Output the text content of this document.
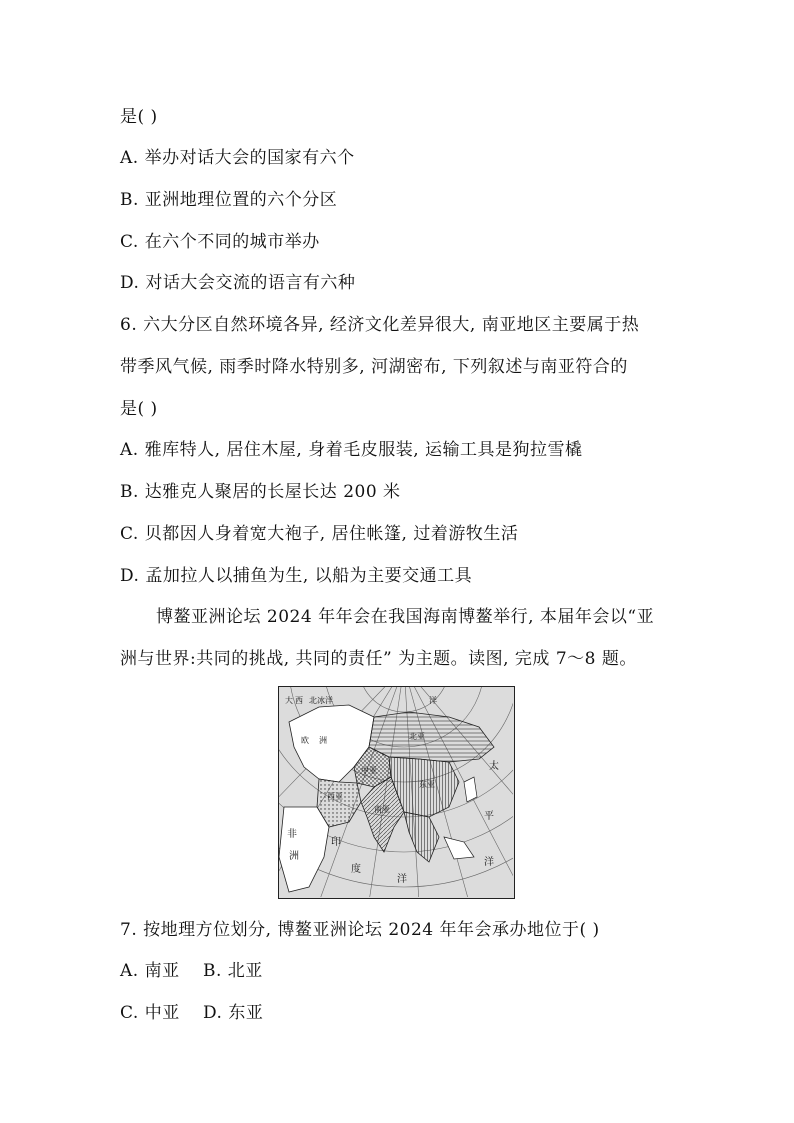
是( )
A. 举办对话大会的国家有六个
B. 亚洲地理位置的六个分区
C. 在六个不同的城市举办
D. 对话大会交流的语言有六种
6. 六大分区自然环境各异, 经济文化差异很大, 南亚地区主要属于热
带季风气候, 雨季时降水特别多, 河湖密布, 下列叙述与南亚符合的
是( )
A. 雅库特人, 居住木屋, 身着毛皮服装, 运输工具是狗拉雪橇
B. 达雅克人聚居的长屋长达 200 米
C. 贝都因人身着宽大袍子, 居住帐篷, 过着游牧生活
D. 孟加拉人以捕鱼为生, 以船为主要交通工具
博鳌亚洲论坛 2024 年年会在我国海南博鳌举行, 本届年会以“亚
洲与世界:共同的挑战, 共同的责任” 为主题。读图, 完成 7～8 题。
欧 洲	北亚
中亚
西亚
南亚
东亚
非
洲
印
度
洋
太
平
洋
大 西 北冰洋	洋
7. 按地理方位划分, 博鳌亚洲论坛 2024 年年会承办地位于( )
A. 南亚 B. 北亚
C. 中亚 D. 东亚
